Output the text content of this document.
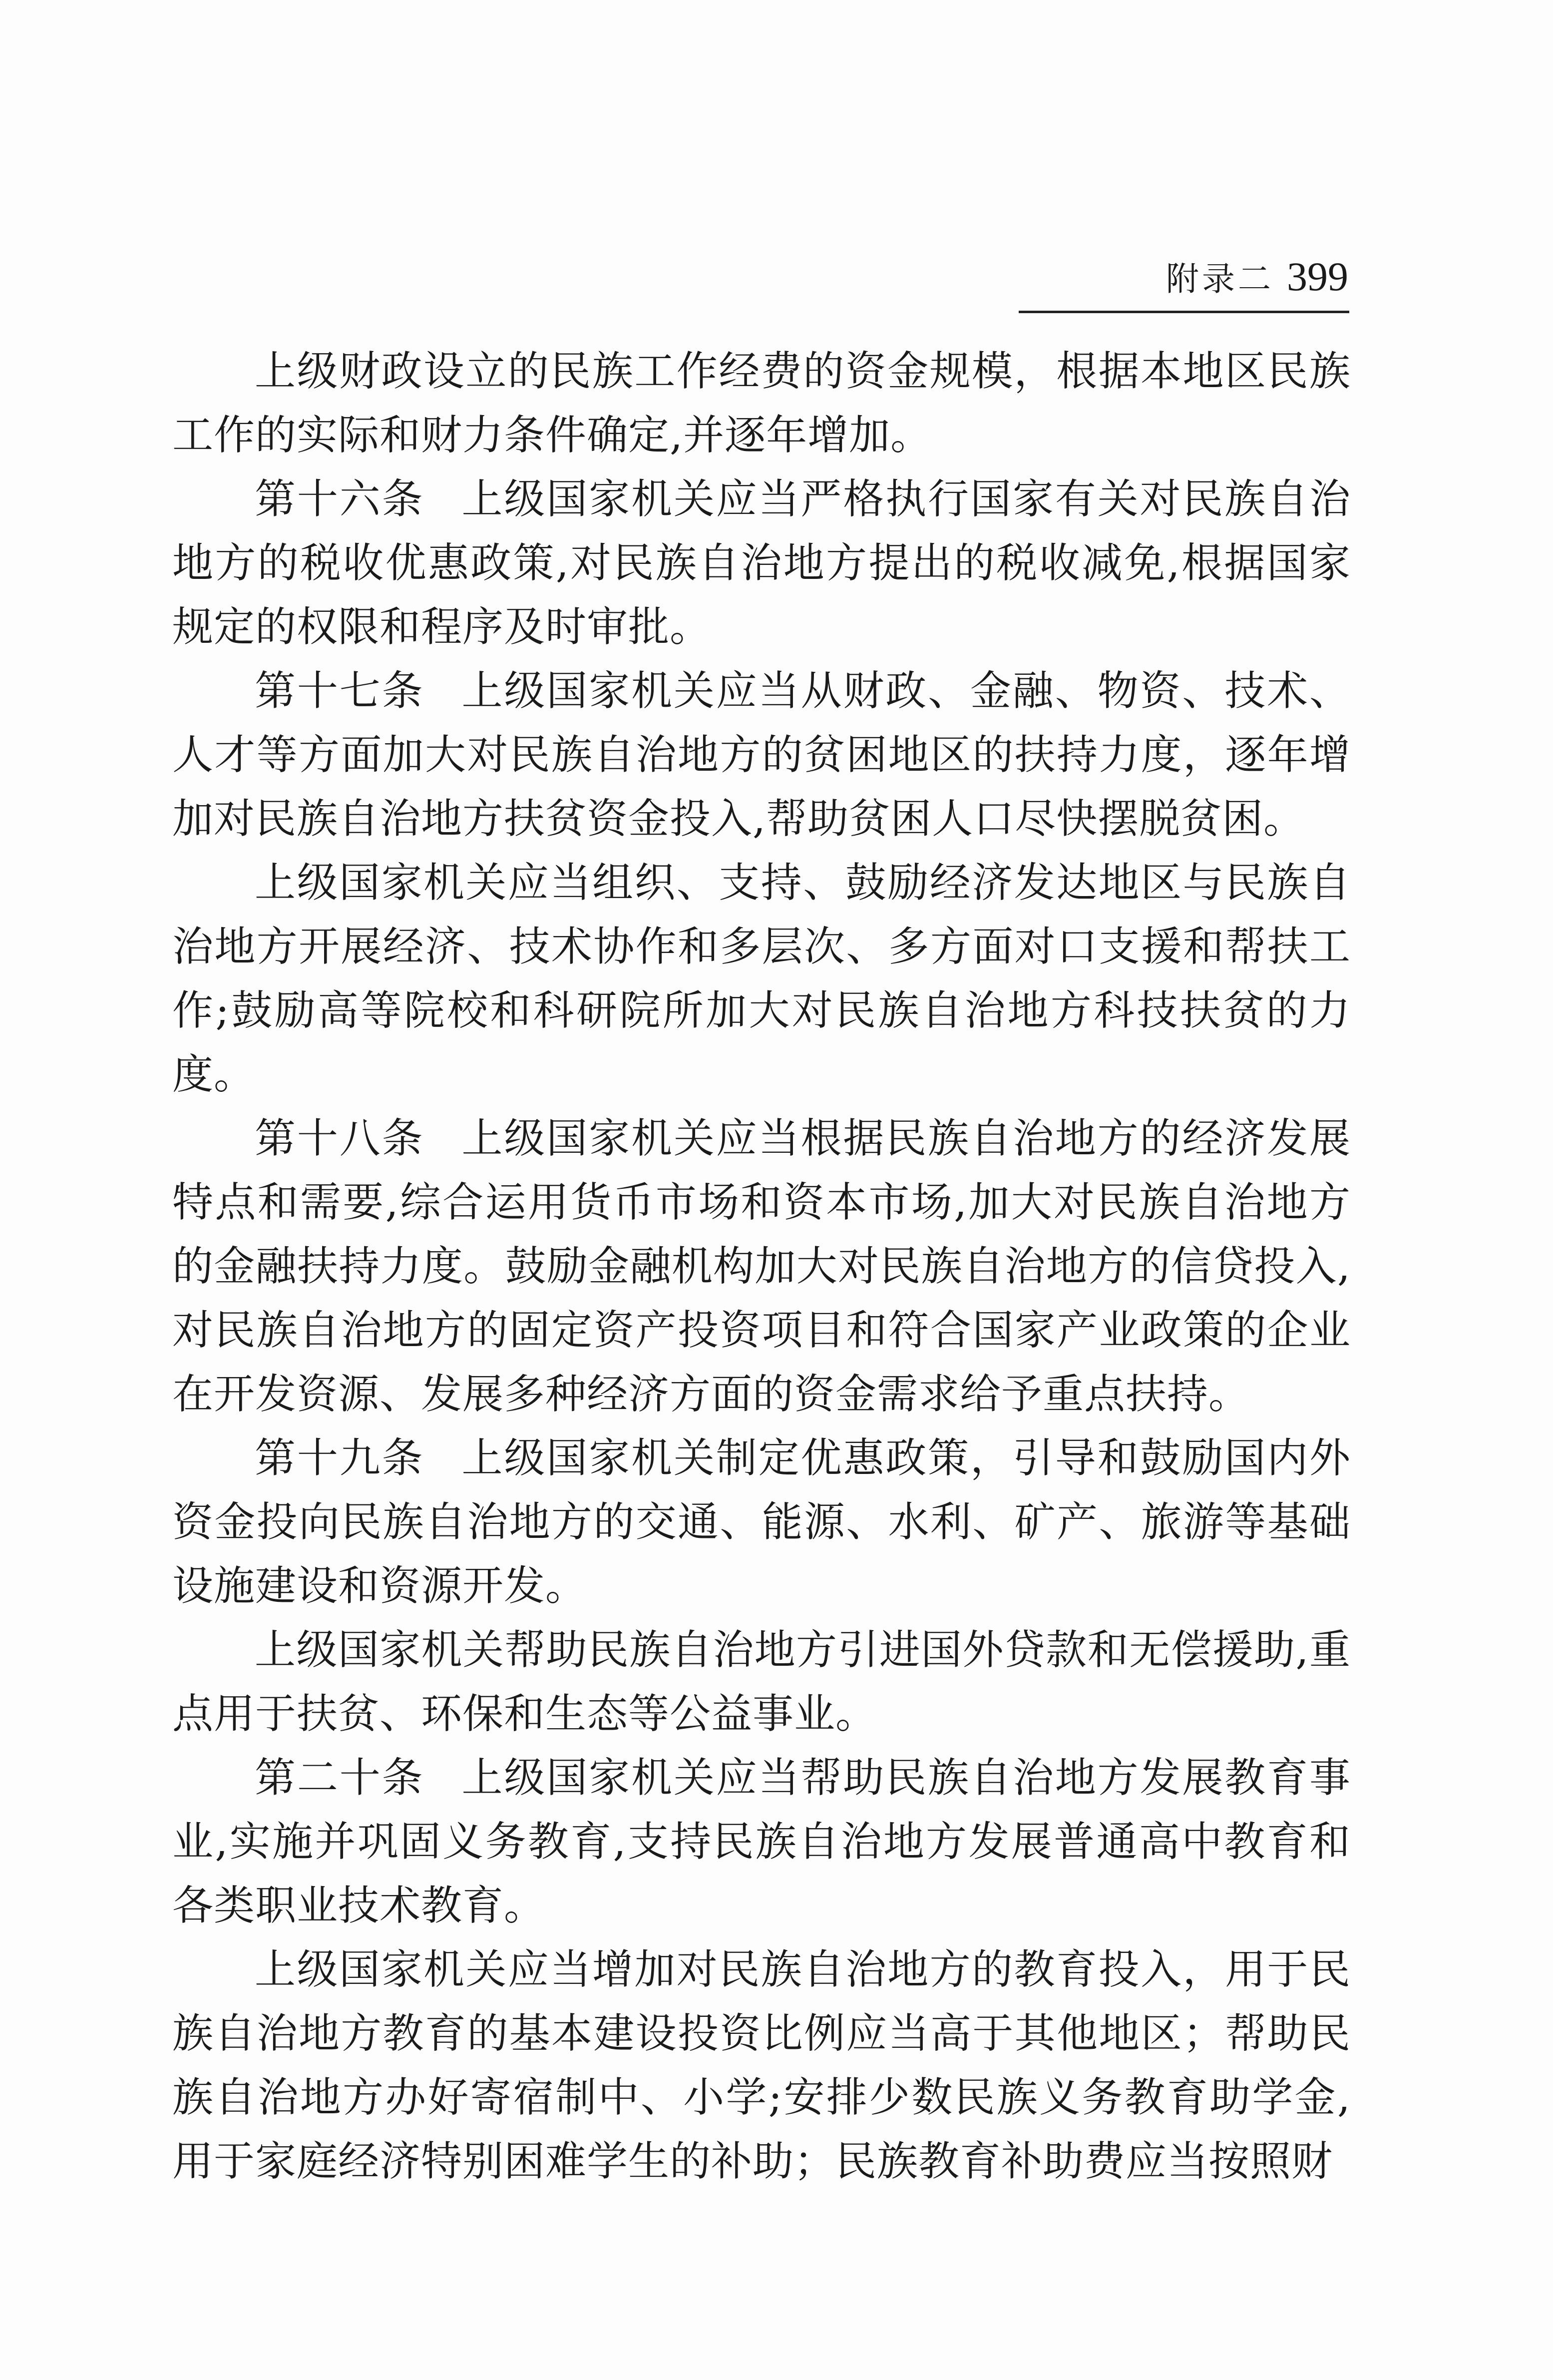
附录二 399

上级财政设立的民族工作经费的资金规模，根据本地区民族工作的实际和财力条件确定,并逐年增加。

第十六条 上级国家机关应当严格执行国家有关对民族自治地方的税收优惠政策,对民族自治地方提出的税收减免,根据国家规定的权限和程序及时审批。

第十七条 上级国家机关应当从财政、金融、物资、技术、人才等方面加大对民族自治地方的贫困地区的扶持力度，逐年增加对民族自治地方扶贫资金投入,帮助贫困人口尽快摆脱贫困。

上级国家机关应当组织、支持、鼓励经济发达地区与民族自治地方开展经济、技术协作和多层次、多方面对口支援和帮扶工作;鼓励高等院校和科研院所加大对民族自治地方科技扶贫的力度。

第十八条 上级国家机关应当根据民族自治地方的经济发展特点和需要,综合运用货币市场和资本市场,加大对民族自治地方的金融扶持力度。鼓励金融机构加大对民族自治地方的信贷投入,对民族自治地方的固定资产投资项目和符合国家产业政策的企业在开发资源、发展多种经济方面的资金需求给予重点扶持。

第十九条 上级国家机关制定优惠政策，引导和鼓励国内外资金投向民族自治地方的交通、能源、水利、矿产、旅游等基础设施建设和资源开发。

上级国家机关帮助民族自治地方引进国外贷款和无偿援助,重点用于扶贫、环保和生态等公益事业。

第二十条 上级国家机关应当帮助民族自治地方发展教育事业,实施并巩固义务教育,支持民族自治地方发展普通高中教育和各类职业技术教育。

上级国家机关应当增加对民族自治地方的教育投入，用于民族自治地方教育的基本建设投资比例应当高于其他地区；帮助民族自治地方办好寄宿制中、小学;安排少数民族义务教育助学金,用于家庭经济特别困难学生的补助；民族教育补助费应当按照财
